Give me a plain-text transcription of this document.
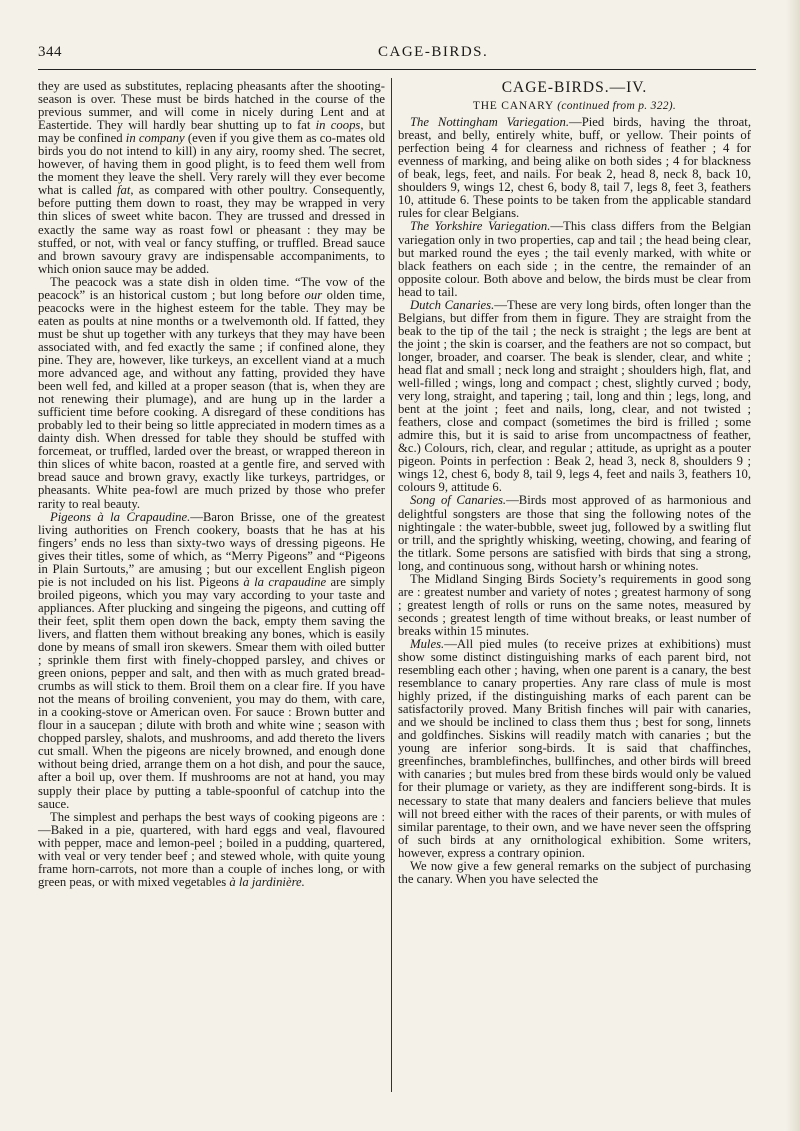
344	CAGE-BIRDS.

they are used as substitutes, replacing pheasants after the shooting-season is over. These must be birds hatched in the course of the previous summer, and will come in nicely during Lent and at Eastertide. They will hardly bear shutting up to fat in coops, but may be confined in company (even if you give them as co-mates old birds you do not intend to kill) in any airy, roomy shed. The secret, however, of having them in good plight, is to feed them well from the moment they leave the shell. Very rarely will they ever become what is called fat, as compared with other poultry. Consequently, before putting them down to roast, they may be wrapped in very thin slices of sweet white bacon. They are trussed and dressed in exactly the same way as roast fowl or pheasant : they may be stuffed, or not, with veal or fancy stuffing, or truffled. Bread sauce and brown savoury gravy are indispensable accompaniments, to which onion sauce may be added.

The peacock was a state dish in olden time. “The vow of the peacock” is an historical custom ; but long before our olden time, peacocks were in the highest esteem for the table. They may be eaten as poults at nine months or a twelvemonth old. If fatted, they must be shut up together with any turkeys that they may have been associated with, and fed exactly the same ; if confined alone, they pine. They are, however, like turkeys, an excellent viand at a much more advanced age, and without any fatting, provided they have been well fed, and killed at a proper season (that is, when they are not renewing their plumage), and are hung up in the larder a sufficient time before cooking. A disregard of these conditions has probably led to their being so little appreciated in modern times as a dainty dish. When dressed for table they should be stuffed with forcemeat, or truffled, larded over the breast, or wrapped thereon in thin slices of white bacon, roasted at a gentle fire, and served with bread sauce and brown gravy, exactly like turkeys, partridges, or pheasants. White pea-fowl are much prized by those who prefer rarity to real beauty.

Pigeons à la Crapaudine.—Baron Brisse, one of the greatest living authorities on French cookery, boasts that he has at his fingers’ ends no less than sixty-two ways of dressing pigeons. He gives their titles, some of which, as “Merry Pigeons” and “Pigeons in Plain Surtouts,” are amusing ; but our excellent English pigeon pie is not included on his list. Pigeons à la crapaudine are simply broiled pigeons, which you may vary according to your taste and appliances. After plucking and singeing the pigeons, and cutting off their feet, split them open down the back, empty them saving the livers, and flatten them without breaking any bones, which is easily done by means of small iron skewers. Smear them with oiled butter ; sprinkle them first with finely-chopped parsley, and chives or green onions, pepper and salt, and then with as much grated bread-crumbs as will stick to them. Broil them on a clear fire. If you have not the means of broiling convenient, you may do them, with care, in a cooking-stove or American oven. For sauce : Brown butter and flour in a saucepan ; dilute with broth and white wine ; season with chopped parsley, shalots, and mushrooms, and add thereto the livers cut small. When the pigeons are nicely browned, and enough done without being dried, arrange them on a hot dish, and pour the sauce, after a boil up, over them. If mushrooms are not at hand, you may supply their place by putting a table-spoonful of catchup into the sauce.

The simplest and perhaps the best ways of cooking pigeons are :—Baked in a pie, quartered, with hard eggs and veal, flavoured with pepper, mace and lemon-peel ; boiled in a pudding, quartered, with veal or very tender beef ; and stewed whole, with quite young frame horn-carrots, not more than a couple of inches long, or with green peas, or with mixed vegetables à la jardinière.

CAGE-BIRDS.—IV.
THE CANARY (continued from p. 322).

The Nottingham Variegation.—Pied birds, having the throat, breast, and belly, entirely white, buff, or yellow. Their points of perfection being 4 for clearness and richness of feather ; 4 for evenness of marking, and being alike on both sides ; 4 for blackness of beak, legs, feet, and nails. For beak 2, head 8, neck 8, back 10, shoulders 9, wings 12, chest 6, body 8, tail 7, legs 8, feet 3, feathers 10, attitude 6. These points to be taken from the applicable standard rules for clear Belgians.

The Yorkshire Variegation.—This class differs from the Belgian variegation only in two properties, cap and tail ; the head being clear, but marked round the eyes ; the tail evenly marked, with white or black feathers on each side ; in the centre, the remainder of an opposite colour. Both above and below, the birds must be clear from head to tail.

Dutch Canaries.—These are very long birds, often longer than the Belgians, but differ from them in figure. They are straight from the beak to the tip of the tail ; the neck is straight ; the legs are bent at the joint ; the skin is coarser, and the feathers are not so compact, but longer, broader, and coarser. The beak is slender, clear, and white ; head flat and small ; neck long and straight ; shoulders high, flat, and well-filled ; wings, long and compact ; chest, slightly curved ; body, very long, straight, and tapering ; tail, long and thin ; legs, long, and bent at the joint ; feet and nails, long, clear, and not twisted ; feathers, close and compact (sometimes the bird is frilled ; some admire this, but it is said to arise from uncompactness of feather, &c.) Colours, rich, clear, and regular ; attitude, as upright as a pouter pigeon. Points in perfection : Beak 2, head 3, neck 8, shoulders 9 ; wings 12, chest 6, body 8, tail 9, legs 4, feet and nails 3, feathers 10, colours 9, attitude 6.

Song of Canaries.—Birds most approved of as harmonious and delightful songsters are those that sing the following notes of the nightingale : the water-bubble, sweet jug, followed by a switling flut or trill, and the sprightly whisking, weeting, chowing, and fearing of the titlark. Some persons are satisfied with birds that sing a strong, long, and continuous song, without harsh or whining notes.

The Midland Singing Birds Society’s requirements in good song are : greatest number and variety of notes ; greatest harmony of song ; greatest length of rolls or runs on the same notes, measured by seconds ; greatest length of time without breaks, or least number of breaks within 15 minutes.

Mules.—All pied mules (to receive prizes at exhibitions) must show some distinct distinguishing marks of each parent bird, not resembling each other ; having, when one parent is a canary, the best resemblance to canary properties. Any rare class of mule is most highly prized, if the distinguishing marks of each parent can be satisfactorily proved. Many British finches will pair with canaries, and we should be inclined to class them thus ; best for song, linnets and goldfinches. Siskins will readily match with canaries ; but the young are inferior song-birds. It is said that chaffinches, greenfinches, bramblefinches, bullfinches, and other birds will breed with canaries ; but mules bred from these birds would only be valued for their plumage or variety, as they are indifferent song-birds. It is necessary to state that many dealers and fanciers believe that mules will not breed either with the races of their parents, or with mules of similar parentage, to their own, and we have never seen the offspring of such birds at any ornithological exhibition. Some writers, however, express a contrary opinion.

We now give a few general remarks on the subject of purchasing the canary. When you have selected the
